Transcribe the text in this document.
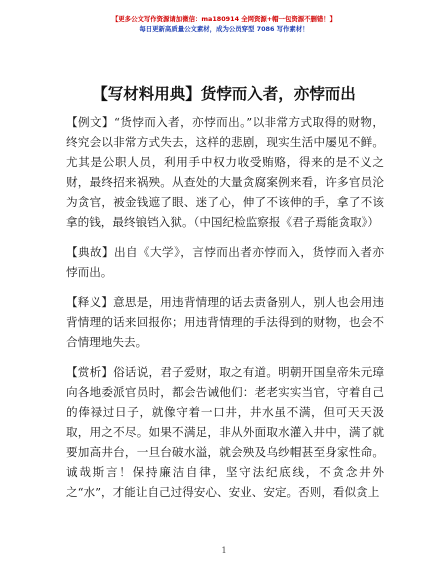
【更多公文写作资源请加微信：ma180914 全网资源+帽一包资源不删错！】
每日更新高质量公文素材，成为公员穿型 7086 写作素材！
【写材料用典】货悖而入者，亦悖而出

【例文】“货悖而入者，亦悖而出。”以非常方式取得的财物，终究会以非常方式失去，这样的悲剧，现实生活中屡见不鲜。尤其是公职人员，利用手中权力收受贿赂，得来的是不义之财，最终招来祸殃。从查处的大量贪腐案例来看，许多官员沦为贪官，被金钱遮了眼、迷了心，伸了不该伸的手，拿了不该拿的钱，最终锒铛入狱。（中国纪检监察报《君子焉能贪取》）

【典故】出自《大学》，言悖而出者亦悖而入，货悖而入者亦悖而出。

【释义】意思是，用违背情理的话去责备别人，别人也会用违背情理的话来回报你；用违背情理的手法得到的财物，也会不合情理地失去。

【赏析】俗话说，君子爱财，取之有道。明朝开国皇帝朱元璋向各地委派官员时，都会告诫他们：老老实实当官，守着自己的俸禄过日子，就像守着一口井，井水虽不满，但可天天汲取，用之不尽。如果不满足，非从外面取水灌入井中，满了就要加高井台，一旦台破水溢，就会殃及乌纱帽甚至身家性命。诚哉斯言！保持廉洁自律，坚守法纪底线，不贪念井外之“水”，才能让自己过得安心、安业、安定。否则，看似贪上

1
